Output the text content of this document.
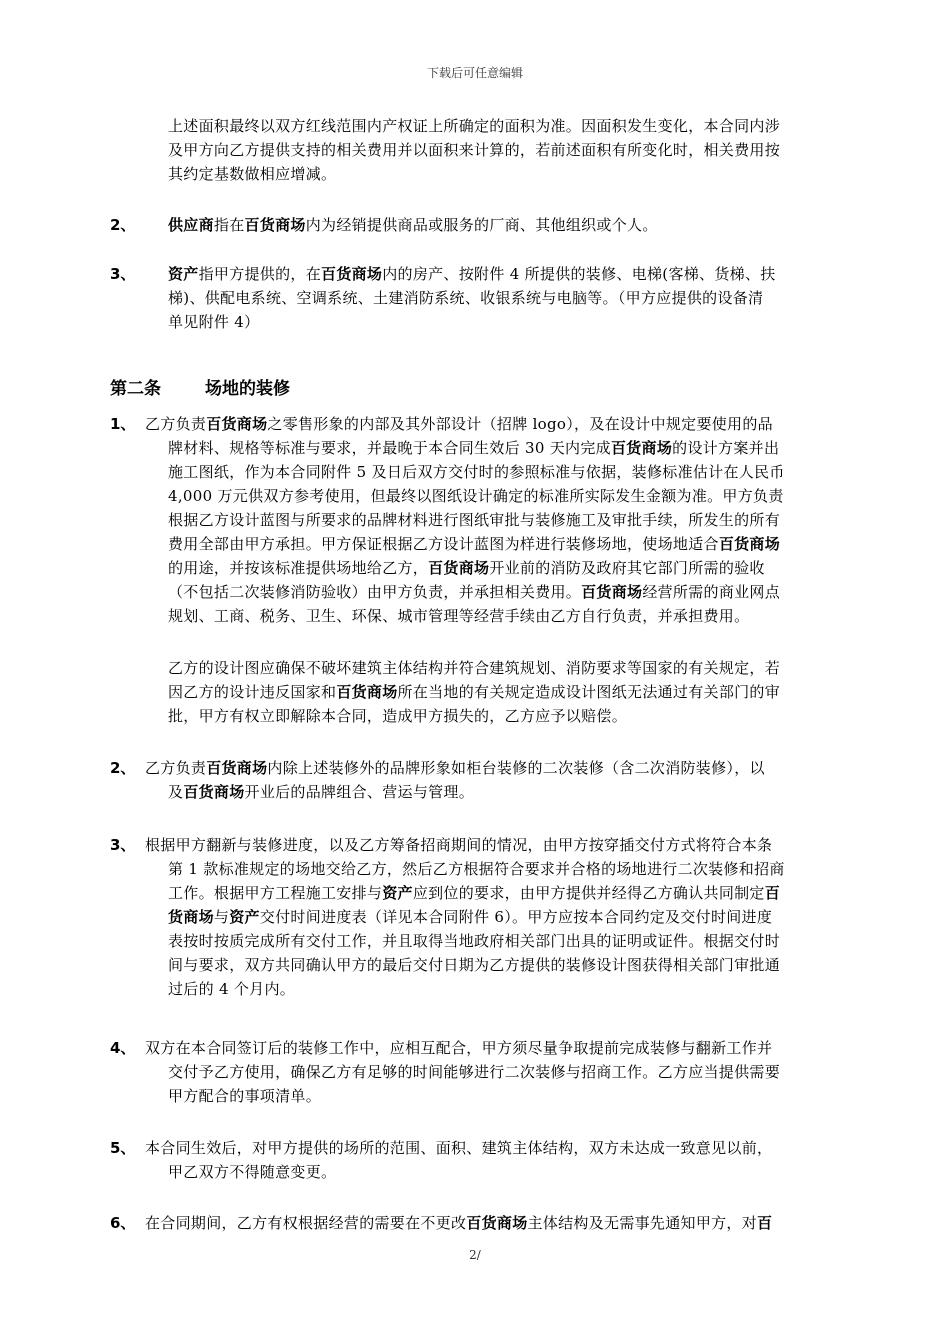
下载后可任意编辑
上述面积最终以双方红线范围内产权证上所确定的面积为准。因面积发生变化，本合同内涉
及甲方向乙方提供支持的相关费用并以面积来计算的，若前述面积有所变化时，相关费用按
其约定基数做相应增减。
2、 供应商指在百货商场内为经销提供商品或服务的厂商、其他组织或个人。
3、 资产指甲方提供的，在百货商场内的房产、按附件 4 所提供的装修、电梯(客梯、货梯、扶
梯)、供配电系统、空调系统、土建消防系统、收银系统与电脑等。（甲方应提供的设备清
单见附件 4）
第二条	场地的装修
1、 乙方负责百货商场之零售形象的内部及其外部设计（招牌 logo），及在设计中规定要使用的品
牌材料、规格等标准与要求，并最晚于本合同生效后 30 天内完成百货商场的设计方案并出
施工图纸，作为本合同附件 5 及日后双方交付时的参照标准与依据，装修标准估计在人民币
4,000 万元供双方参考使用，但最终以图纸设计确定的标准所实际发生金额为准。甲方负责
根据乙方设计蓝图与所要求的品牌材料进行图纸审批与装修施工及审批手续，所发生的所有
费用全部由甲方承担。甲方保证根据乙方设计蓝图为样进行装修场地，使场地适合百货商场
的用途，并按该标准提供场地给乙方，百货商场开业前的消防及政府其它部门所需的验收
（不包括二次装修消防验收）由甲方负责，并承担相关费用。百货商场经营所需的商业网点
规划、工商、税务、卫生、环保、城市管理等经营手续由乙方自行负责，并承担费用。
乙方的设计图应确保不破坏建筑主体结构并符合建筑规划、消防要求等国家的有关规定，若
因乙方的设计违反国家和百货商场所在当地的有关规定造成设计图纸无法通过有关部门的审
批，甲方有权立即解除本合同，造成甲方损失的，乙方应予以赔偿。
2、 乙方负责百货商场内除上述装修外的品牌形象如柜台装修的二次装修（含二次消防装修），以
及百货商场开业后的品牌组合、营运与管理。
3、 根据甲方翻新与装修进度，以及乙方筹备招商期间的情况，由甲方按穿插交付方式将符合本条
第 1 款标准规定的场地交给乙方，然后乙方根据符合要求并合格的场地进行二次装修和招商
工作。根据甲方工程施工安排与资产应到位的要求，由甲方提供并经得乙方确认共同制定百
货商场与资产交付时间进度表（详见本合同附件 6）。甲方应按本合同约定及交付时间进度
表按时按质完成所有交付工作，并且取得当地政府相关部门出具的证明或证件。根据交付时
间与要求，双方共同确认甲方的最后交付日期为乙方提供的装修设计图获得相关部门审批通
过后的 4 个月内。
4、 双方在本合同签订后的装修工作中，应相互配合，甲方须尽量争取提前完成装修与翻新工作并
交付予乙方使用，确保乙方有足够的时间能够进行二次装修与招商工作。乙方应当提供需要
甲方配合的事项清单。
5、 本合同生效后，对甲方提供的场所的范围、面积、建筑主体结构，双方未达成一致意见以前，
甲乙双方不得随意变更。
6、 在合同期间，乙方有权根据经营的需要在不更改百货商场主体结构及无需事先通知甲方，对百
2/
